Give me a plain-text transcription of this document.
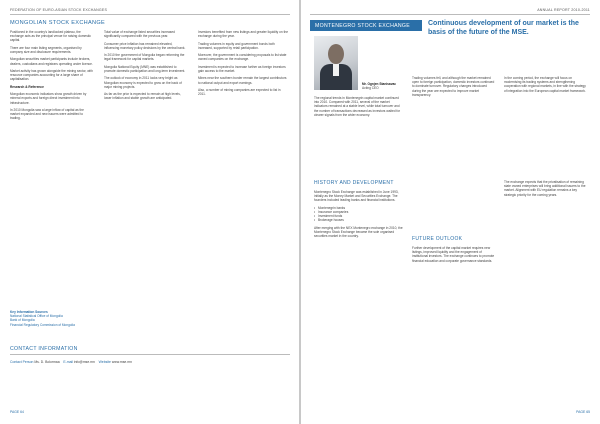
FEDERATION OF EURO-ASIAN STOCK EXCHANGES
MONGOLIAN STOCK EXCHANGE

Positioned in the country's landlocked plateau, the exchange acts as the principal venue for raising domestic capital.

There are four main listing segments, organised by company size and disclosure requirements.

Mongolian securities market participants include brokers, dealers, custodians and registrars operating under licence.

Market activity has grown alongside the mining sector, with resource companies accounting for a large share of capitalisation.

Research & Reference

Mongolian economic indicators show growth driven by mineral exports and foreign direct investment into infrastructure.

In 2010 Mongolia saw a large inflow of capital as the market expanded and new issuers were admitted to trading.

Total value of exchange listed securities increased significantly compared with the previous year.

Consumer price inflation has remained elevated, influencing monetary policy decisions by the central bank.

In 2010 the government of Mongolia began reforming the legal framework for capital markets.

Mongolia National Equity (MNE) was established to promote domestic participation and long-term investment.

The outlook of economy in 2011 looks very bright as Mongolian economy is expected to grow on the back of major mining projects.

As far as the prior is expected to remain at high levels, lower inflation and stable growth are anticipated.

Investors benefited from new listings and greater liquidity on the exchange during the year.

Trading volumes in equity and government bonds both increased, supported by retail participation.

Moreover, the government is considering proposals to list state owned companies on the exchange.

Investment is expected to increase further as foreign investors gain access to the market.

Mines near the southern border remain the largest contributors to national output and export earnings.

Also, a number of mining companies are expected to list in 2011.

Key Information Sources
National Statistical Office of Mongolia
Bank of Mongolia
Financial Regulatory Commission of Mongolia
CONTACT INFORMATION
Contact Person Ms. D. Bolormaa E-mail info@mse.mn Website www.mse.mn
PAGE 64
ANNUAL REPORT 2010-2011
MONTENEGRO STOCK EXCHANGE	Continuous development of our market is the basis of the future of the MSE.
Mr. Ognjen Stanisavac
Acting CEO

The regional trends in Montenegrin capital market continued into 2010. Compared with 2011, several of the market indicators remained at a stable level, while total turnover and the number of transactions decreased as investors waited for clearer signals from the wider economy.

Trading volumes fell, and although the market remained open to foreign participation, domestic investors continued to dominate turnover. Regulatory changes introduced during the year are expected to improve market transparency.

In the coming period, the exchange will focus on modernising its trading systems and strengthening cooperation with regional markets, in line with the strategy of integration into the European capital market framework.

HISTORY AND DEVELOPMENT

Montenegro Stock Exchange was established in June 1993, initially as the Money Market and Securities Exchange. The founders included leading banks and financial institutions.

• Montenegrin banks
• Insurance companies
• Investment funds
• Brokerage houses

After merging with the NEX Montenegro exchange in 2010, the Montenegro Stock Exchange became the sole organised securities market in the country.	FUTURE OUTLOOK

Further development of the capital market requires new listings, improved liquidity and the engagement of institutional investors. The exchange continues to promote financial education and corporate governance standards.

The exchange expects that the privatisation of remaining state owned enterprises will bring additional issuers to the market. Alignment with EU regulation remains a key strategic priority for the coming years.

PAGE 65
